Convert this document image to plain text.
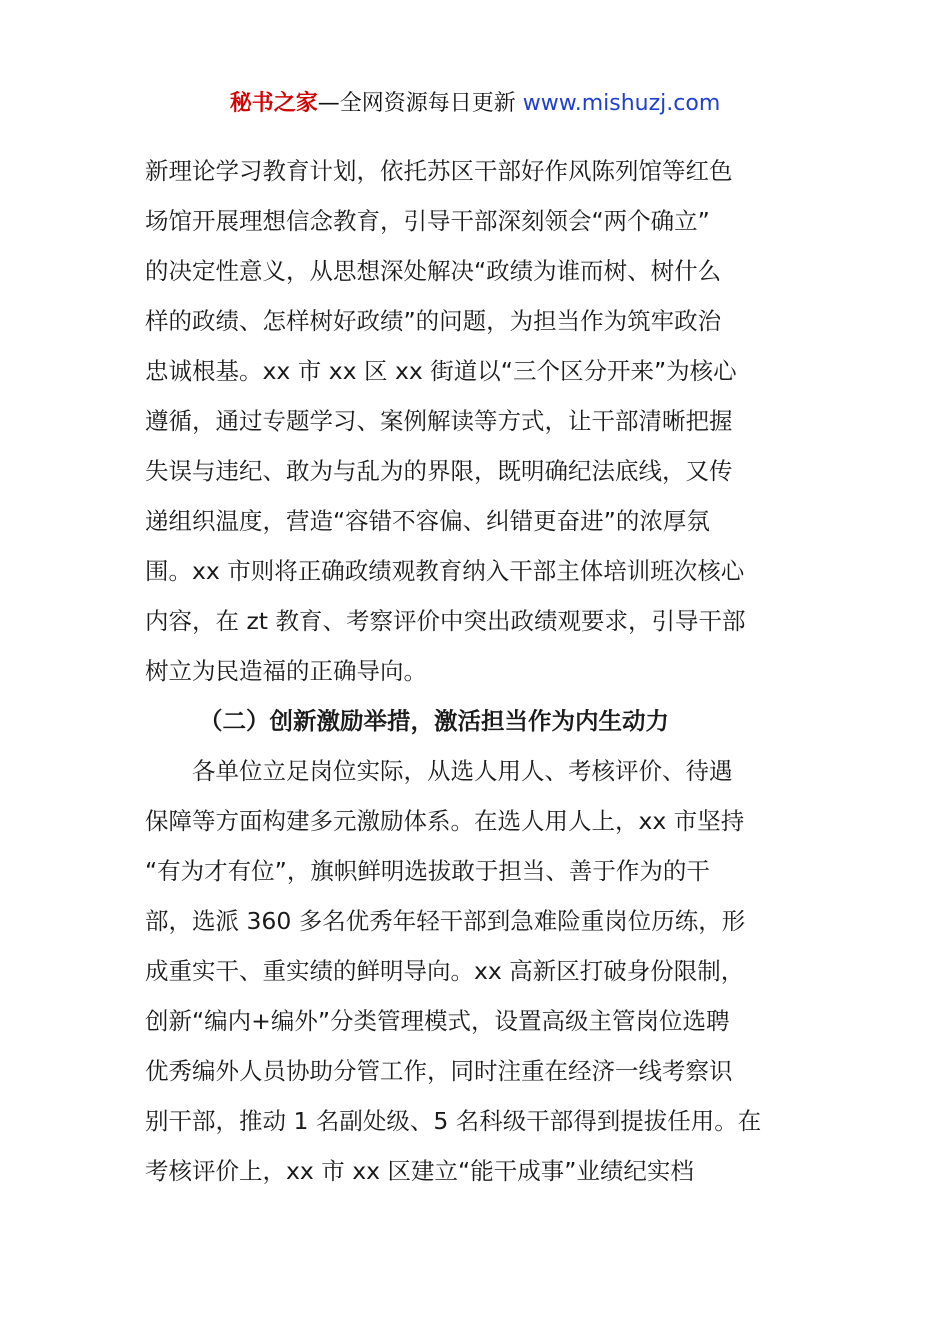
秘书之家—全网资源每日更新 www.mishuzj.com

新理论学习教育计划，依托苏区干部好作风陈列馆等红色
场馆开展理想信念教育，引导干部深刻领会“两个确立”
的决定性意义，从思想深处解决“政绩为谁而树、树什么
样的政绩、怎样树好政绩”的问题，为担当作为筑牢政治
忠诚根基。xx 市 xx 区 xx 街道以“三个区分开来”为核心
遵循，通过专题学习、案例解读等方式，让干部清晰把握
失误与违纪、敢为与乱为的界限，既明确纪法底线，又传
递组织温度，营造“容错不容偏、纠错更奋进”的浓厚氛
围。xx 市则将正确政绩观教育纳入干部主体培训班次核心
内容，在 zt 教育、考察评价中突出政绩观要求，引导干部
树立为民造福的正确导向。

（二）创新激励举措，激活担当作为内生动力

各单位立足岗位实际，从选人用人、考核评价、待遇
保障等方面构建多元激励体系。在选人用人上，xx 市坚持
“有为才有位”，旗帜鲜明选拔敢于担当、善于作为的干
部，选派 360 多名优秀年轻干部到急难险重岗位历练，形
成重实干、重实绩的鲜明导向。xx 高新区打破身份限制，
创新“编内+编外”分类管理模式，设置高级主管岗位选聘
优秀编外人员协助分管工作，同时注重在经济一线考察识
别干部，推动 1 名副处级、5 名科级干部得到提拔任用。在
考核评价上，xx 市 xx 区建立“能干成事”业绩纪实档
